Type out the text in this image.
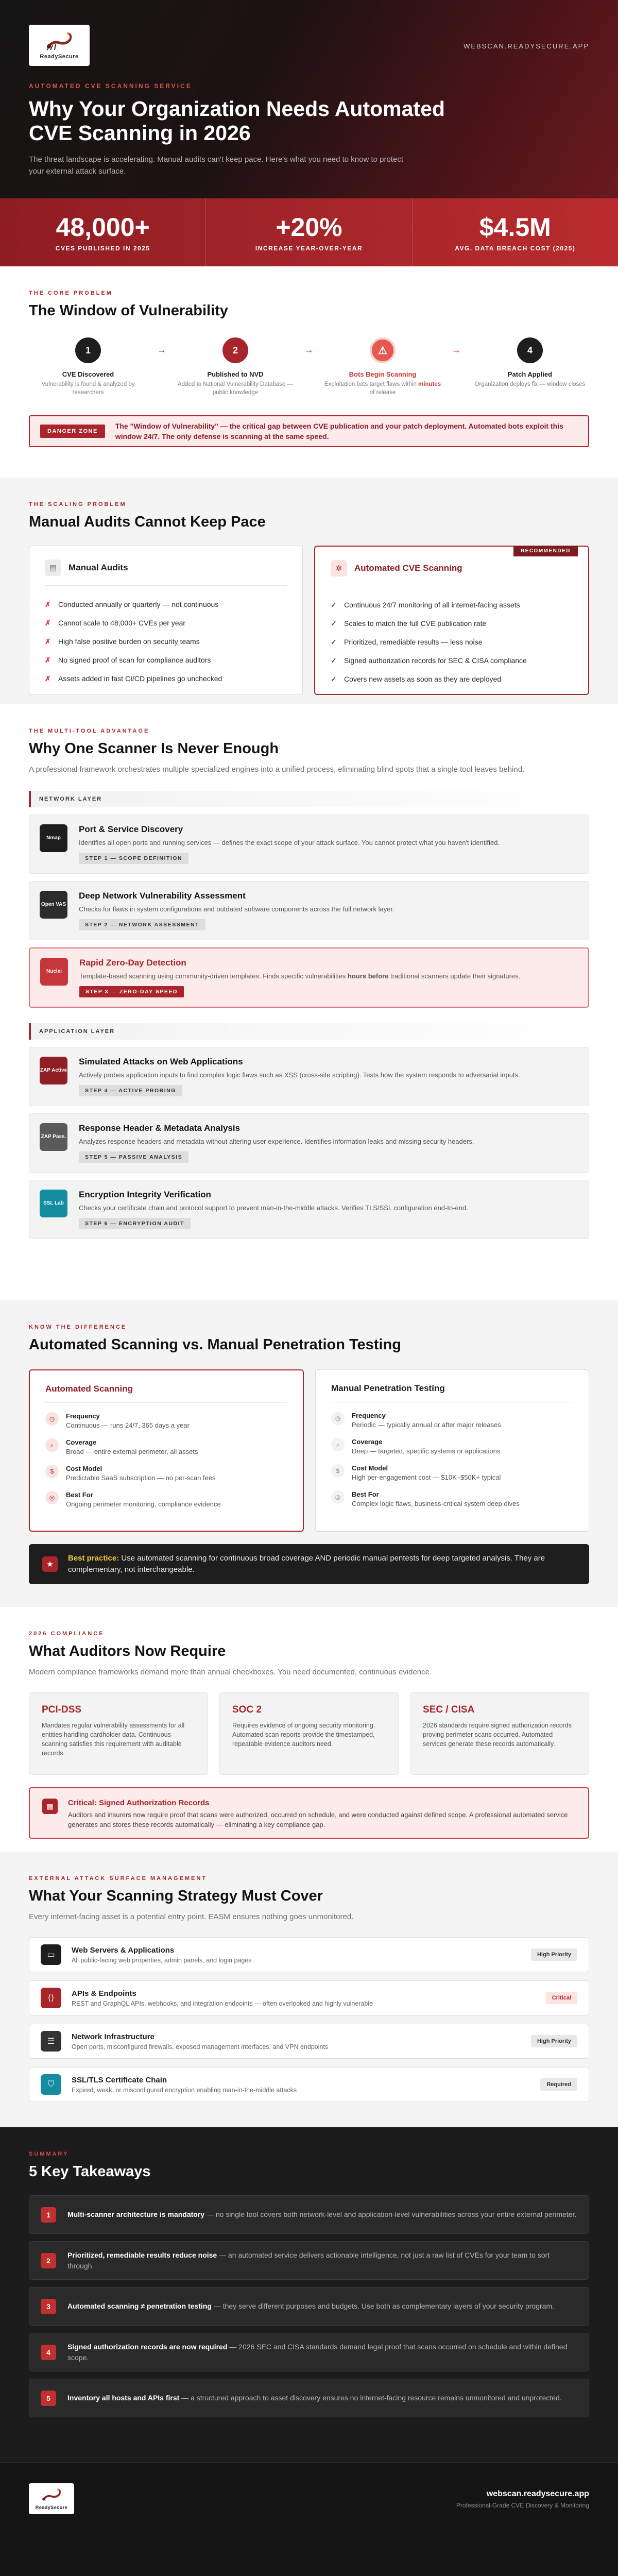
ReadySecure
WEBSCAN.READYSECURE.APP
AUTOMATED CVE SCANNING SERVICE
Why Your Organization Needs Automated CVE Scanning in 2026

The threat landscape is accelerating. Manual audits can't keep pace. Here's what you need to know to protect your external attack surface.

48,000+
CVES PUBLISHED IN 2025
+20%
INCREASE YEAR-OVER-YEAR
$4.5M
AVG. DATA BREACH COST (2025)
THE CORE PROBLEM
The Window of Vulnerability
1
CVE Discovered
Vulnerability is found & analyzed by researchers
→	2
Published to NVD
Added to National Vulnerability Database — public knowledge
→	⚠
Bots Begin Scanning
Exploitation bots target flaws within minutes of release
→	4
Patch Applied
Organization deploys fix — window closes
DANGER ZONE
The "Window of Vulnerability" — the critical gap between CVE publication and your patch deployment. Automated bots exploit this window 24/7. The only defense is scanning at the same speed.
THE SCALING PROBLEM
Manual Audits Cannot Keep Pace
▤	Manual Audits
✗ Conducted annually or quarterly — not continuous
✗ Cannot scale to 48,000+ CVEs per year
✗ High false positive burden on security teams
✗ No signed proof of scan for compliance auditors
✗ Assets added in fast CI/CD pipelines go unchecked
RECOMMENDED
✲	Automated CVE Scanning
✓ Continuous 24/7 monitoring of all internet-facing assets
✓ Scales to match the full CVE publication rate
✓ Prioritized, remediable results — less noise
✓ Signed authorization records for SEC & CISA compliance
✓ Covers new assets as soon as they are deployed
THE MULTI-TOOL ADVANTAGE
Why One Scanner Is Never Enough
A professional framework orchestrates multiple specialized engines into a unified process, eliminating blind spots that a single tool leaves behind.
NETWORK LAYER
Nmap
Port & Service Discovery
Identifies all open ports and running services — defines the exact scope of your attack surface. You cannot protect what you haven't identified.
STEP 1 — SCOPE DEFINITION
Open VAS
Deep Network Vulnerability Assessment
Checks for flaws in system configurations and outdated software components across the full network layer.
STEP 2 — NETWORK ASSESSMENT
Nuclei
Rapid Zero-Day Detection
Template-based scanning using community-driven templates. Finds specific vulnerabilities hours before traditional scanners update their signatures.
STEP 3 — ZERO-DAY SPEED
APPLICATION LAYER
ZAP Active
Simulated Attacks on Web Applications
Actively probes application inputs to find complex logic flaws such as XSS (cross-site scripting). Tests how the system responds to adversarial inputs.
STEP 4 — ACTIVE PROBING
ZAP Pass.
Response Header & Metadata Analysis
Analyzes response headers and metadata without altering user experience. Identifies information leaks and missing security headers.
STEP 5 — PASSIVE ANALYSIS
SSL Lab
Encryption Integrity Verification
Checks your certificate chain and protocol support to prevent man-in-the-middle attacks. Verifies TLS/SSL configuration end-to-end.
STEP 6 — ENCRYPTION AUDIT
KNOW THE DIFFERENCE
Automated Scanning vs. Manual Penetration Testing
Automated Scanning
◷	Frequency
Continuous — runs 24/7, 365 days a year
⌕	Coverage
Broad — entire external perimeter, all assets
$	Cost Model
Predictable SaaS subscription — no per-scan fees
◎	Best For
Ongoing perimeter monitoring, compliance evidence
Manual Penetration Testing
◷	Frequency
Periodic — typically annual or after major releases
⌕	Coverage
Deep — targeted, specific systems or applications
$	Cost Model
High per-engagement cost — $10K–$50K+ typical
◎	Best For
Complex logic flaws, business-critical system deep dives
★
Best practice: Use automated scanning for continuous broad coverage AND periodic manual pentests for deep targeted analysis. They are complementary, not interchangeable.
2026 COMPLIANCE
What Auditors Now Require
Modern compliance frameworks demand more than annual checkboxes. You need documented, continuous evidence.
PCI-DSS
Mandates regular vulnerability assessments for all entities handling cardholder data. Continuous scanning satisfies this requirement with auditable records.
SOC 2
Requires evidence of ongoing security monitoring. Automated scan reports provide the timestamped, repeatable evidence auditors need.
SEC / CISA
2026 standards require signed authorization records proving perimeter scans occurred. Automated services generate these records automatically.
▤	Critical: Signed Authorization Records
Auditors and insurers now require proof that scans were authorized, occurred on schedule, and were conducted against defined scope. A professional automated service generates and stores these records automatically — eliminating a key compliance gap.
EXTERNAL ATTACK SURFACE MANAGEMENT
What Your Scanning Strategy Must Cover
Every internet-facing asset is a potential entry point. EASM ensures nothing goes unmonitored.
▭
Web Servers & Applications
All public-facing web properties, admin panels, and login pages
High Priority
⟨⟩
APIs & Endpoints
REST and GraphQL APIs, webhooks, and integration endpoints — often overlooked and highly vulnerable
Critical
☰
Network Infrastructure
Open ports, misconfigured firewalls, exposed management interfaces, and VPN endpoints
High Priority
⛉	SSL/TLS Certificate Chain
Expired, weak, or misconfigured encryption enabling man-in-the-middle attacks
Required
SUMMARY
5 Key Takeaways
1	Multi-scanner architecture is mandatory — no single tool covers both network-level and application-level vulnerabilities across your entire external perimeter.
2
Prioritized, remediable results reduce noise — an automated service delivers actionable intelligence, not just a raw list of CVEs for your team to sort through.
3	Automated scanning ≠ penetration testing — they serve different purposes and budgets. Use both as complementary layers of your security program.
4
Signed authorization records are now required — 2026 SEC and CISA standards demand legal proof that scans occurred on schedule and within defined scope.
5	Inventory all hosts and APIs first — a structured approach to asset discovery ensures no internet-facing resource remains unmonitored and unprotected.
ReadySecure
webscan.readysecure.app
Professional-Grade CVE Discovery & Monitoring
